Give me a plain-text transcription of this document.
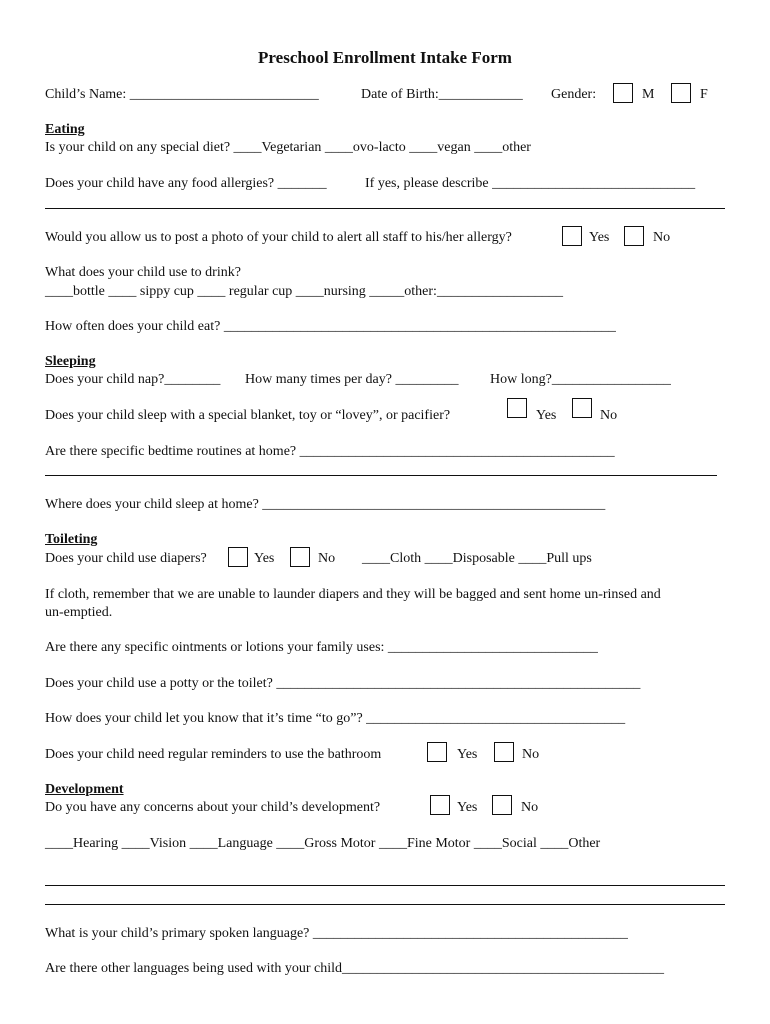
Preschool Enrollment Intake Form
Child’s Name: ___________________________	Date of Birth:____________ Gender:	M	F
Eating
Is your child on any special diet? ____Vegetarian ____ovo-lacto ____vegan ____other
Does your child have any food allergies? _______	If yes, please describe _____________________________
Would you allow us to post a photo of your child to alert all staff to his/her allergy?	Yes	No
What does your child use to drink?
____bottle ____ sippy cup ____ regular cup ____nursing _____other:__________________
How often does your child eat? ________________________________________________________
Sleeping
Does your child nap?________ How many times per day? _________ How long?_________________
Does your child sleep with a special blanket, toy or “lovey”, or pacifier?	Yes	No
Are there specific bedtime routines at home? _____________________________________________
Where does your child sleep at home? _________________________________________________
Toileting
Does your child use diapers?	Yes	No ____Cloth ____Disposable ____Pull ups
If cloth, remember that we are unable to launder diapers and they will be bagged and sent home un-rinsed and
un-emptied.
Are there any specific ointments or lotions your family uses: ______________________________
Does your child use a potty or the toilet? ____________________________________________________
How does your child let you know that it’s time “to go”? _____________________________________
Does your child need regular reminders to use the bathroom	Yes	No
Development
Do you have any concerns about your child’s development?	Yes	No
____Hearing ____Vision ____Language ____Gross Motor ____Fine Motor ____Social ____Other
What is your child’s primary spoken language? _____________________________________________
Are there other languages being used with your child______________________________________________
